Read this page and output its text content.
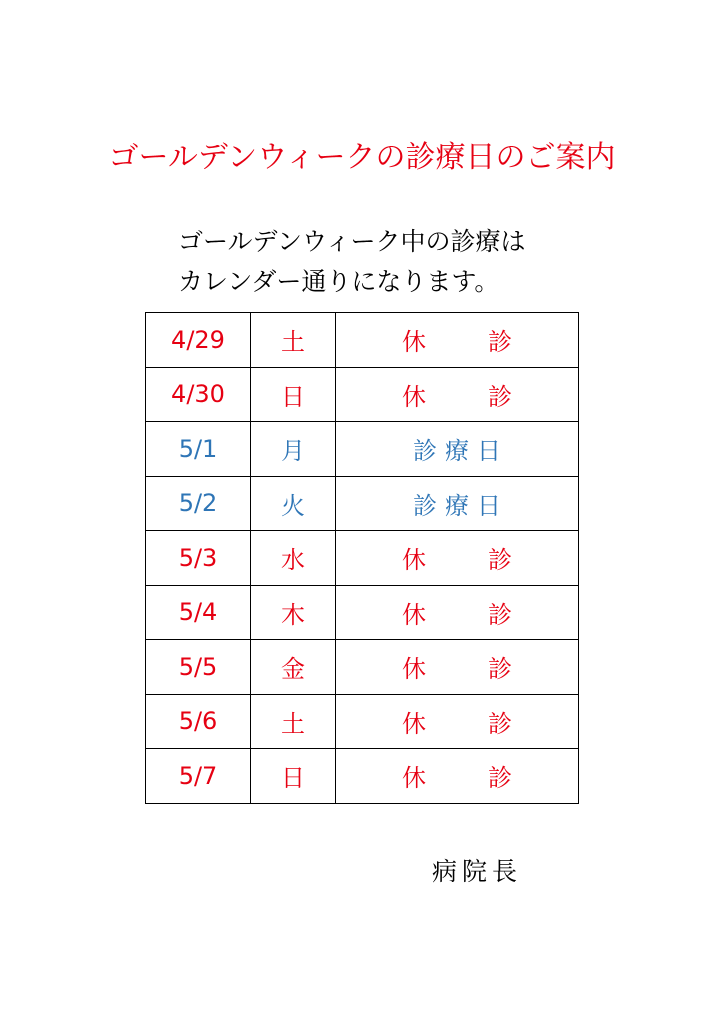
ゴールデンウィークの診療日のご案内
ゴールデンウィーク中の診療は
カレンダー通りになります。
4/29	土	休診
4/30	日	休診
5/1	月	診療日
5/2	火	診療日
5/3	水	休診
5/4	木	休診
5/5	金	休診
5/6	土	休診
5/7	日	休診
病院長
